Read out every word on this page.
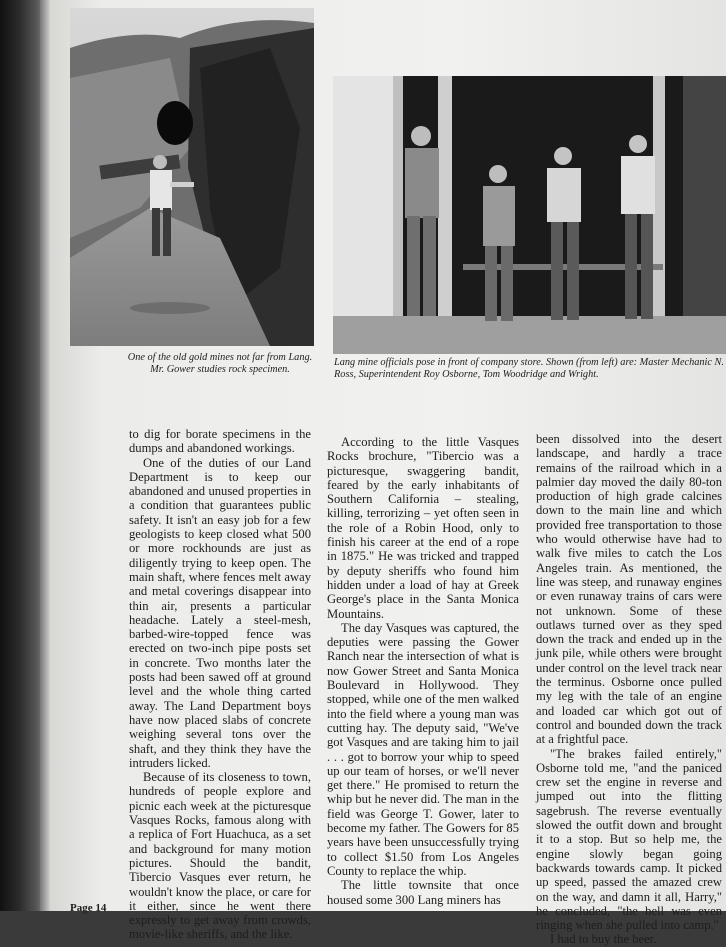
One of the old gold mines not far from Lang. Mr. Gower studies rock specimen.
Lang mine officials pose in front of company store. Shown (from left) are: Master Mechanic N. Ross, Superintendent Roy Osborne, Tom Woodridge and Wright.

to dig for borate specimens in the dumps and abandoned workings.

One of the duties of our Land Department is to keep our abandoned and unused properties in a condition that guarantees public safety. It isn't an easy job for a few geologists to keep closed what 500 or more rockhounds are just as diligently trying to keep open. The main shaft, where fences melt away and metal coverings disappear into thin air, presents a particular headache. Lately a steel-mesh, barbed-wire-topped fence was erected on two-inch pipe posts set in concrete. Two months later the posts had been sawed off at ground level and the whole thing carted away. The Land Department boys have now placed slabs of concrete weighing several tons over the shaft, and they think they have the intruders licked.

Because of its closeness to town, hundreds of people explore and picnic each week at the picturesque Vasques Rocks, famous along with a replica of Fort Huachuca, as a set and background for many motion pictures. Should the bandit, Tibercio Vasques ever return, he wouldn't know the place, or care for it either, since he went there expressly to get away from crowds, movie-like sheriffs, and the like.

According to the little Vasques Rocks brochure, "Tibercio was a picturesque, swaggering bandit, feared by the early inhabitants of Southern California – stealing, killing, terrorizing – yet often seen in the role of a Robin Hood, only to finish his career at the end of a rope in 1875." He was tricked and trapped by deputy sheriffs who found him hidden under a load of hay at Greek George's place in the Santa Monica Mountains.

The day Vasques was captured, the deputies were passing the Gower Ranch near the intersection of what is now Gower Street and Santa Monica Boulevard in Hollywood. They stopped, while one of the men walked into the field where a young man was cutting hay. The deputy said, "We've got Vasques and are taking him to jail . . . got to borrow your whip to speed up our team of horses, or we'll never get there." He promised to return the whip but he never did. The man in the field was George T. Gower, later to become my father. The Gowers for 85 years have been unsuccessfully trying to collect $1.50 from Los Angeles County to replace the whip.

The little townsite that once housed some 300 Lang miners has

been dissolved into the desert landscape, and hardly a trace remains of the railroad which in a palmier day moved the daily 80-ton production of high grade calcines down to the main line and which provided free transportation to those who would otherwise have had to walk five miles to catch the Los Angeles train. As mentioned, the line was steep, and runaway engines or even runaway trains of cars were not unknown. Some of these outlaws turned over as they sped down the track and ended up in the junk pile, while others were brought under control on the level track near the terminus. Osborne once pulled my leg with the tale of an engine and loaded car which got out of control and bounded down the track at a frightful pace.

"The brakes failed entirely," Osborne told me, "and the paniced crew set the engine in reverse and jumped out into the flitting sagebrush. The reverse eventually slowed the outfit down and brought it to a stop. But so help me, the engine slowly began going backwards towards camp. It picked up speed, passed the amazed crew on the way, and damn it all, Harry," he concluded, "the bell was even ringing when she pulled into camp."

I had to buy the beer.

Page 14
